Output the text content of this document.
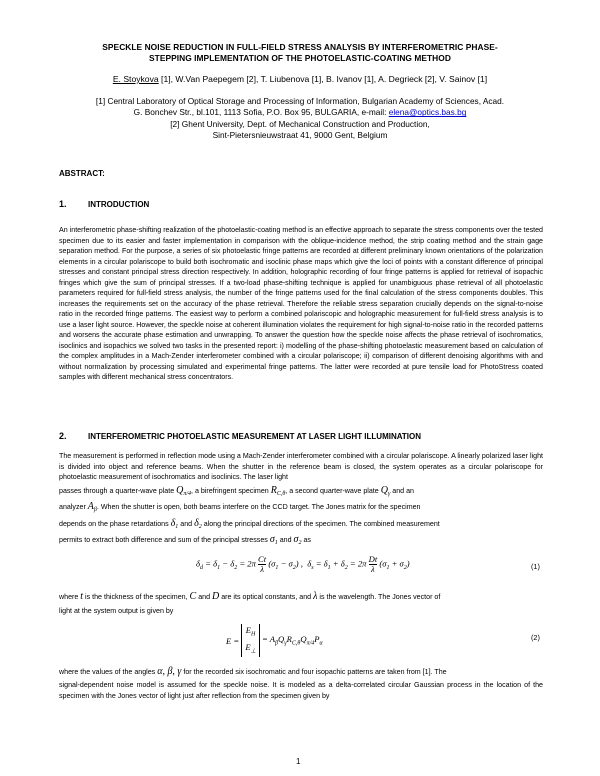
SPECKLE NOISE REDUCTION IN FULL-FIELD STRESS ANALYSIS BY INTERFEROMETRIC PHASE-
STEPPING IMPLEMENTATION OF THE PHOTOELASTIC-COATING METHOD
E. Stoykova [1], W.Van Paepegem [2], T. Liubenova [1], B. Ivanov [1], A. Degrieck [2], V. Sainov [1]
[1] Central Laboratory of Optical Storage and Processing of Information, Bulgarian Academy of Sciences, Acad.
G. Bonchev Str., bl.101, 1113 Sofia, P.O. Box 95, BULGARIA, e-mail: elena@optics.bas.bg
[2] Ghent University, Dept. of Mechanical Construction and Production,
Sint-Pietersnieuwstraat 41, 9000 Gent, Belgium
ABSTRACT:
1.	INTRODUCTION
An interferometric phase-shifting realization of the photoelastic-coating method is an effective approach to separate the stress components over the tested specimen due to its easier and faster implementation in comparison with the oblique-incidence method, the strip coating method and the strain gage separation method. For the purpose, a series of six photoelastic fringe patterns are recorded at different preliminary known orientations of the polarization elements in a circular polariscope to build both isochromatic and isoclinic phase maps which give the loci of points with a constant difference of principal stresses and constant principal stress direction respectively. In addition, holographic recording of four fringe patterns is applied for retrieval of isopachic fringes which give the sum of principal stresses. If a two-load phase-shifting technique is applied for unambiguous phase retrieval of all photoelastic parameters required for full-field stress analysis, the number of the fringe patterns used for the final calculation of the stress components doubles. This increases the requirements set on the accuracy of the phase retrieval. Therefore the reliable stress separation crucially depends on the signal-to-noise ratio in the recorded fringe patterns. The easiest way to perform a combined polariscopic and holographic measurement for full-field stress analysis is to use a laser light source. However, the speckle noise at coherent illumination violates the requirement for high signal-to-noise ratio in the recorded patterns and worsens the accurate phase estimation and unwrapping. To answer the question how the speckle noise affects the phase retrieval of isochromatics, isoclinics and isopachics we solved two tasks in the presented report: i) modelling of the phase-shifting photoelastic measurement based on calculation of the complex amplitudes in a Mach-Zender interferometer combined with a circular polariscope; ii) comparison of different denoising algorithms with and without normalization by processing simulated and experimental fringe patterns. The latter were recorded at pure tensile load for PhotoStress coated samples with different mechanical stress concentrators.
2.	INTERFEROMETRIC PHOTOELASTIC MEASUREMENT AT LASER LIGHT ILLUMINATION
The measurement is performed in reflection mode using a Mach-Zender interferometer combined with a circular polariscope. A linearly polarized laser light is divided into object and reference beams. When the shutter in the reference beam is closed, the system operates as a circular polariscope for photoelastic measurement of isochromatics and isoclinics. The laser light
passes through a quarter-wave plate $Q_{\pi/4}$, a birefringent specimen $R_{C,\theta}$, a second quarter-wave plate $Q_\gamma$ and an
analyzer $A_\beta$. When the shutter is open, both beams interfere on the CCD target. The Jones matrix for the specimen
depends on the phase retardations $\delta_1$ and $\delta_2$ along the principal directions of the specimen. The combined measurement
permits to extract both difference and sum of the principal stresses $\sigma_1$ and $\sigma_2$ as
$\delta_d = \delta_1 - \delta_2 = 2\pi \frac{Ct}{\lambda} (\sigma_1 - \sigma_2)$ ,  $\delta_s = \delta_1 + \delta_2 = 2\pi \frac{Dt}{\lambda} (\sigma_1 + \sigma_2)$	(1)
where t is the thickness of the specimen, C and D are its optical constants, and λ is the wavelength. The Jones vector of
light at the system output is given by
$E = E_H$
$E_\perp = A_\beta Q_\gamma R_{C,\theta}Q_{\pi/4}P_\alpha$
(2)
where the values of the angles α, β, γ for the recorded six isochromatic and four isopachic patterns are taken from [1]. The
signal-dependent noise model is assumed for the speckle noise. It is modeled as a delta-correlated circular Gaussian process in the location of the specimen with the Jones vector of light just after reflection from the specimen given by
1
